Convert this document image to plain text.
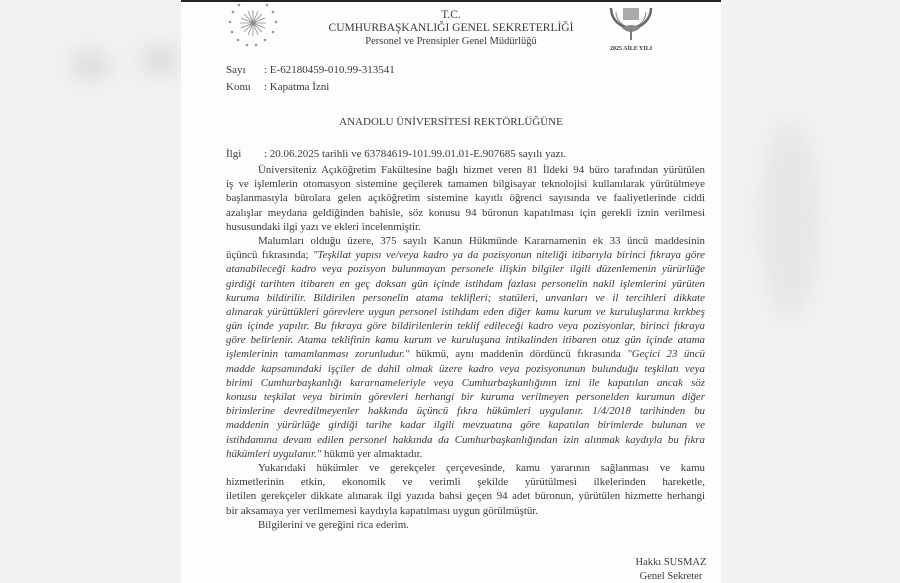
T.C.
CUMHURBAŞKANLIĞI GENEL SEKRETERLİĞİ
Personel ve Prensipler Genel Müdürlüğü
2025 AİLE YILI
Sayı : E-62180459-010.99-313541
Konu : Kapatma İzni
ANADOLU ÜNİVERSİTESİ REKTÖRLÜĞÜNE
İlgi : 20.06.2025 tarihli ve 63784619-101.99.01.01-E.907685 sayılı yazı.
Üniversiteniz Açıköğretim Fakültesine bağlı hizmet veren 81 İldeki 94 büro tarafından yürütülen
iş ve işlemlerin otomasyon sistemine geçilerek tamamen bilgisayar teknolojisi kullanılarak yürütülmeye
başlanmasıyla bürolara gelen açıköğretim sistemine kayıtlı öğrenci sayısında ve faaliyetlerinde ciddi
azalışlar meydana geldiğinden bahisle, söz konusu 94 büronun kapatılması için gerekli iznin verilmesi
hususundaki ilgi yazı ve ekleri incelenmiştir.
Malumları olduğu üzere, 375 sayılı Kanun Hükmünde Kararnamenin ek 33 üncü maddesinin
üçüncü fıkrasında; "Teşkilat yapısı ve/veya kadro ya da pozisyonun niteliği itibarıyla birinci fıkraya göre
atanabileceği kadro veya pozisyon bulunmayan personele ilişkin bilgiler ilgili düzenlemenin yürürlüğe
girdiği tarihten itibaren en geç doksan gün içinde istihdam fazlası personelin nakil işlemlerini yürüten
kuruma bildirilir. Bildirilen personelin atama teklifleri; statüleri, unvanları ve il tercihleri dikkate
alınarak yürüttükleri görevlere uygun personel istihdam eden diğer kamu kurum ve kuruluşlarına kırkbeş
gün içinde yapılır. Bu fıkraya göre bildirilenlerin teklif edileceği kadro veya pozisyonlar, birinci fıkraya
göre belirlenir. Atama teklifinin kamu kurum ve kuruluşuna intikalinden itibaren otuz gün içinde atama
işlemlerinin tamamlanması zorunludur." hükmü, aynı maddenin dördüncü fıkrasında "Geçici 23 üncü
madde kapsamındaki işçiler de dahil olmak üzere kadro veya pozisyonunun bulunduğu teşkilatı veya
birimi Cumhurbaşkanlığı kararnameleriyle veya Cumhurbaşkanlığının izni ile kapatılan ancak söz
konusu teşkilat veya birimin görevleri herhangi bir kuruma verilmeyen personelden kurumun diğer
birimlerine devredilmeyenler hakkında üçüncü fıkra hükümleri uygulanır. 1/4/2018 tarihinden bu
maddenin yürürlüğe girdiği tarihe kadar ilgili mevzuatına göre kapatılan birimlerde bulunan ve
istihdamına devam edilen personel hakkında da Cumhurbaşkanlığından izin alınmak kaydıyla bu fıkra
hükümleri uygulanır." hükmü yer almaktadır.
Yukarıdaki hükümler ve gerekçeler çerçevesinde, kamu yararının sağlanması ve kamu
hizmetlerinin etkin, ekonomik ve verimli şekilde yürütülmesi ilkelerinden hareketle,
iletilen gerekçeler dikkate alınarak ilgi yazıda bahsi geçen 94 adet büronun, yürütülen hizmette herhangi
bir aksamaya yer verilmemesi kaydıyla kapatılması uygun görülmüştür.
Bilgilerini ve gereğini rica ederim.
Hakkı SUSMAZ
Genel Sekreter
